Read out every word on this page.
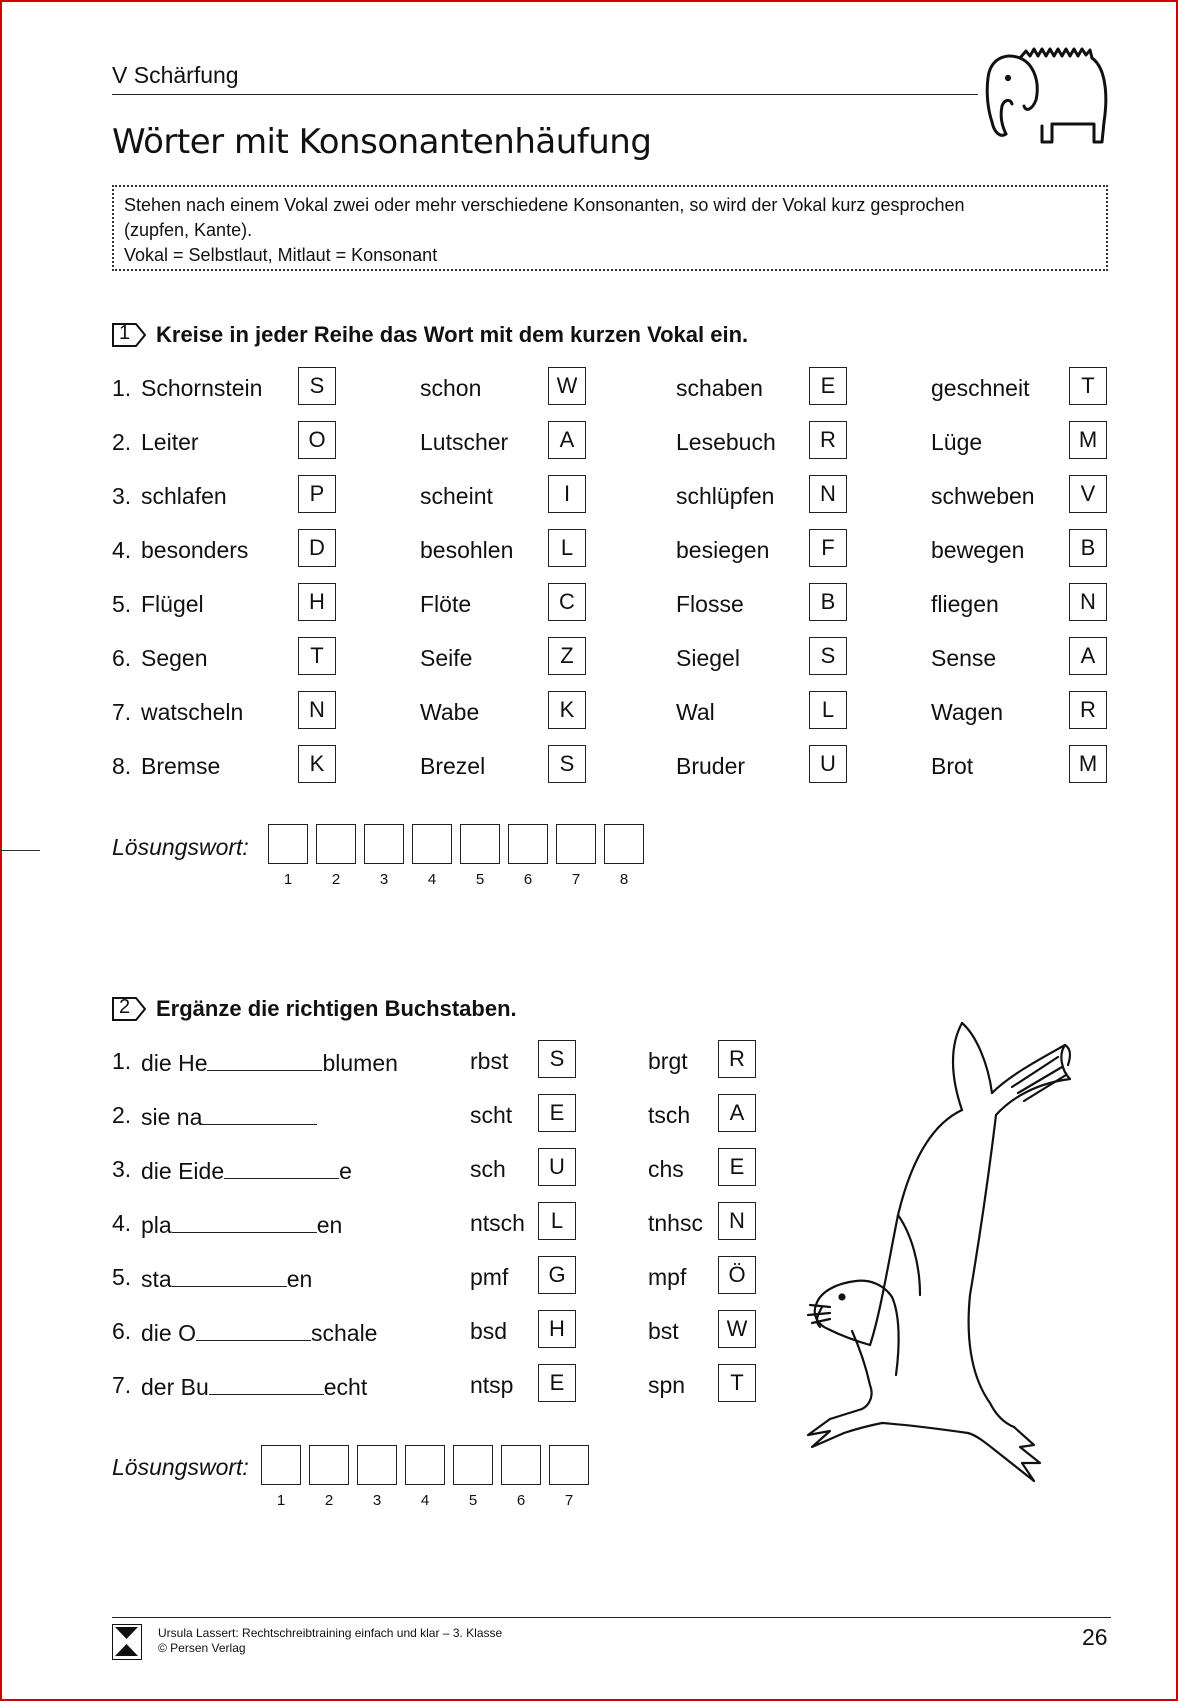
V Schärfung
Wörter mit Konsonantenhäufung
Stehen nach einem Vokal zwei oder mehr verschiedene Konsonanten, so wird der Vokal kurz gesprochen
(zupfen, Kante).
Vokal = Selbstlaut, Mitlaut = Konsonant
1 Kreise in jeder Reihe das Wort mit dem kurzen Vokal ein.
1. Schornstein	S	schon	W	schaben	E	geschneit	T
2. Leiter	O	Lutscher	A	Lesebuch	R	Lüge	M
3. schlafen	P	scheint	I	schlüpfen	N	schweben	V
4. besonders	D	besohlen	L	besiegen	F	bewegen	B
5. Flügel	H	Flöte	C	Flosse	B	fliegen	N
6. Segen	T	Seife	Z	Siegel	S	Sense	A
7. watscheln	N	Wabe	K	Wal	L	Wagen	R
8. Bremse	K	Brezel	S	Bruder	U	Brot	M
Lösungswort:
1	2	3	4	5	6	7	8
2 Ergänze die richtigen Buchstaben.
1. die He	blumen	rbst	S	brgt	R
2. sie na	scht	E	tsch	A
3. die Eide	e	sch	U	chs	E
4. pla	en	ntsch	L	tnhsc	N
5. sta	en	pmf	G	mpf	Ö
6. die O	schale	bsd	H	bst	W
7. der Bu	echt	ntsp	E	spn	T
Lösungswort:
1	2	3	4	5	6	7
Ursula Lassert: Rechtschreibtraining einfach und klar – 3. Klasse
© Persen Verlag	26
